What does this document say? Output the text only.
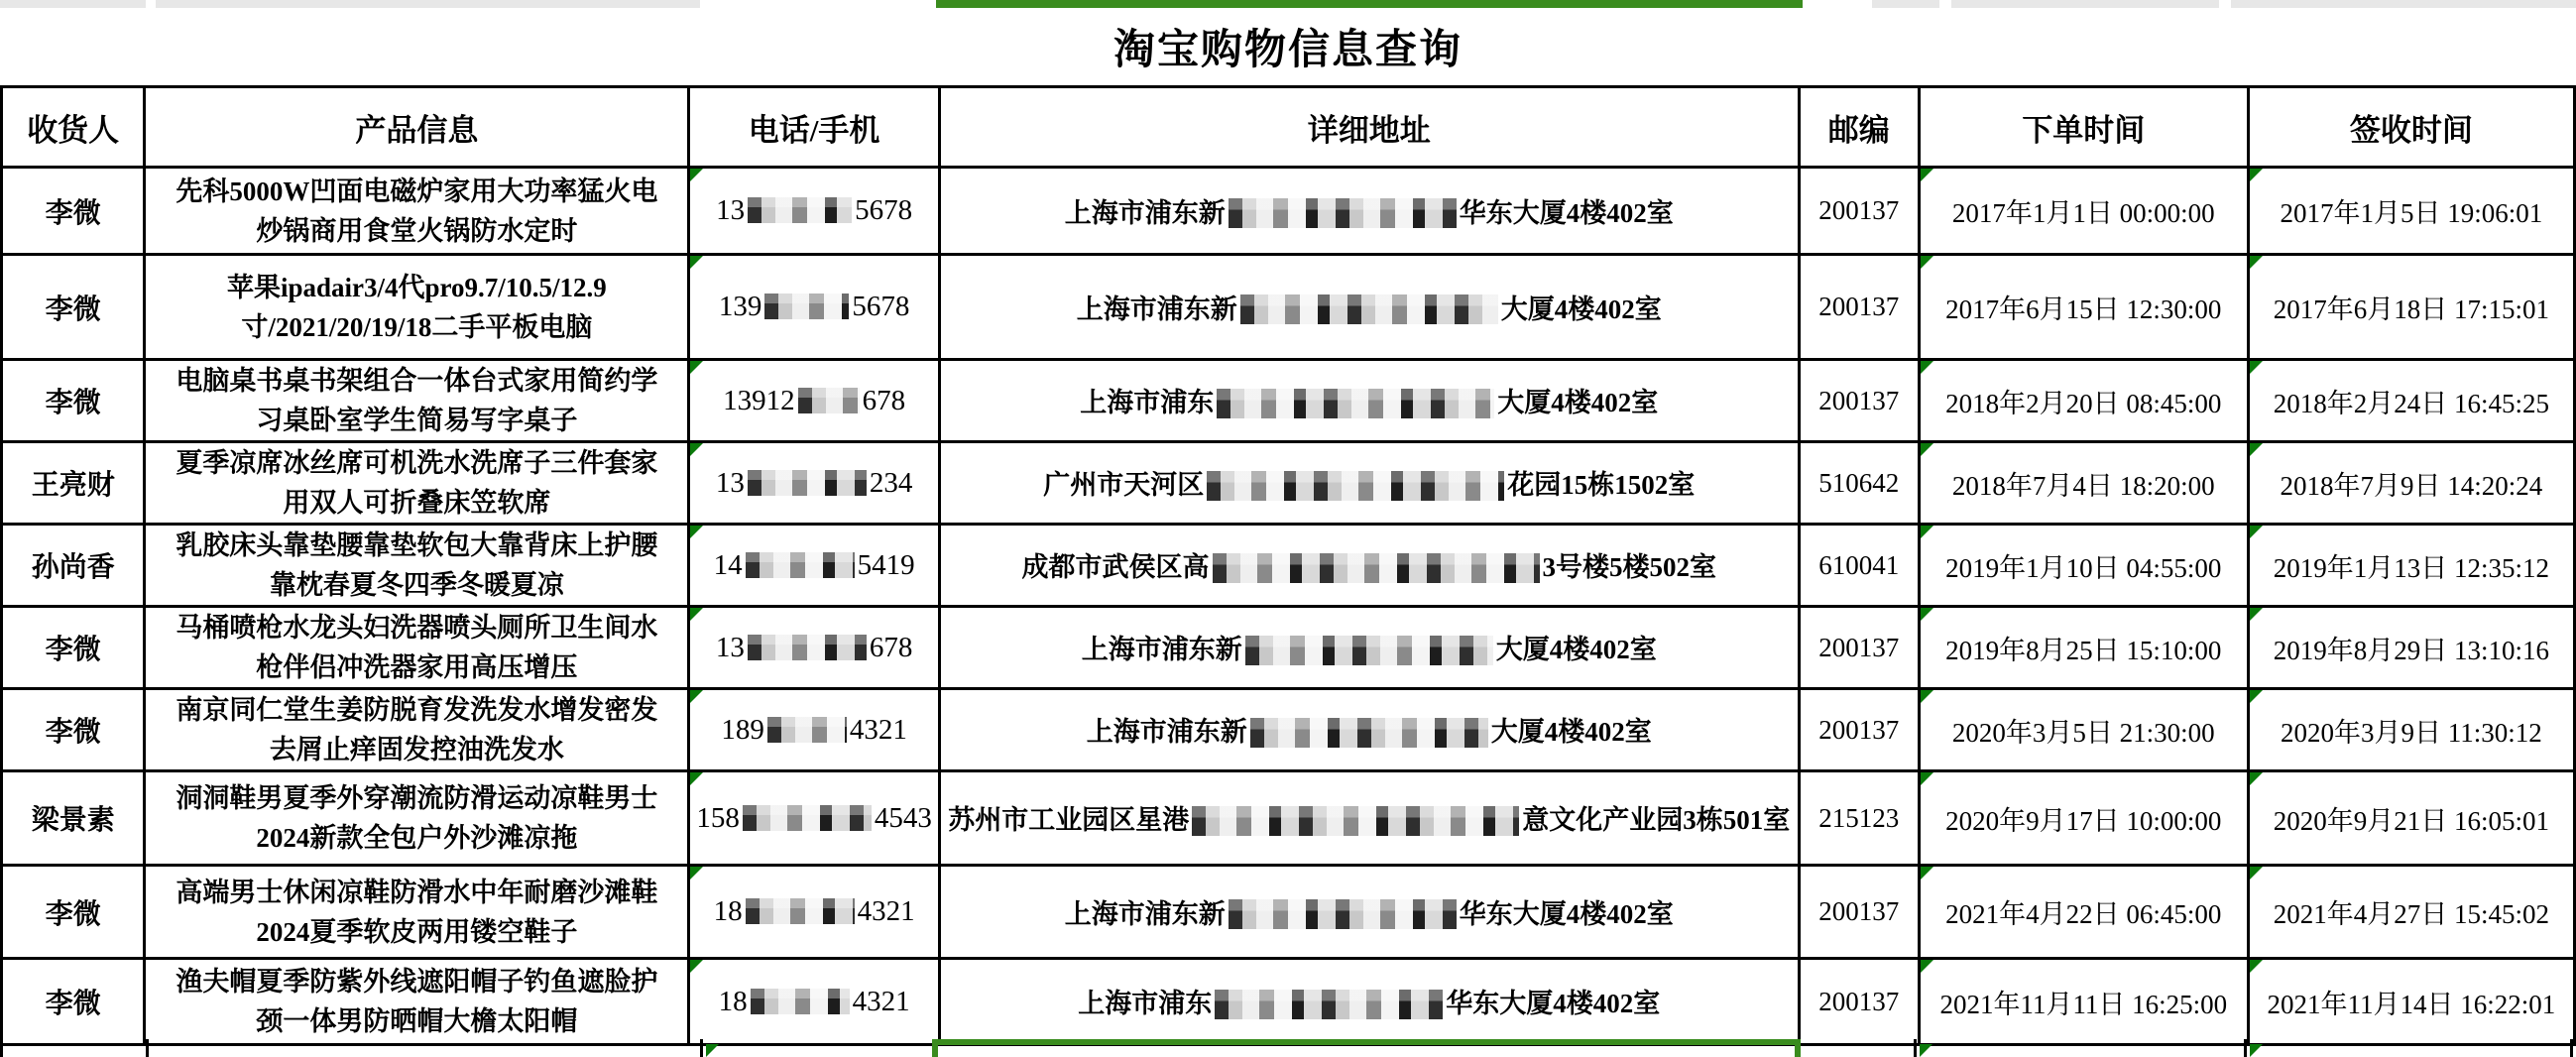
淘宝购物信息查询
收货人	产品信息	电话/手机	详细地址	邮编	下单时间	签收时间
李微	先科5000W凹面电磁炉家用大功率猛火电炒锅商用食堂火锅防水定时	13 5678	上海市浦东新 华东大厦4楼402室	200137	2017年1月1日 00:00:00	2017年1月5日 19:06:01
李微	苹果ipadair3/4代pro9.7/10.5/12.9寸/2021/20/19/18二手平板电脑	139 5678	上海市浦东新 大厦4楼402室	200137	2017年6月15日 12:30:00	2017年6月18日 17:15:01
李微	电脑桌书桌书架组合一体台式家用简约学习桌卧室学生简易写字桌子	13912 678	上海市浦东 大厦4楼402室	200137	2018年2月20日 08:45:00	2018年2月24日 16:45:25
王亮财	夏季凉席冰丝席可机洗水洗席子三件套家用双人可折叠床笠软席	13 234	广州市天河区 花园15栋1502室	510642	2018年7月4日 18:20:00	2018年7月9日 14:20:24
孙尚香	乳胶床头靠垫腰靠垫软包大靠背床上护腰靠枕春夏冬四季冬暖夏凉	14 5419	成都市武侯区高 3号楼5楼502室	610041	2019年1月10日 04:55:00	2019年1月13日 12:35:12
李微	马桶喷枪水龙头妇洗器喷头厕所卫生间水枪伴侣冲洗器家用高压增压	13 678	上海市浦东新 大厦4楼402室	200137	2019年8月25日 15:10:00	2019年8月29日 13:10:16
李微	南京同仁堂生姜防脱育发洗发水增发密发去屑止痒固发控油洗发水	189 4321	上海市浦东新 大厦4楼402室	200137	2020年3月5日 21:30:00	2020年3月9日 11:30:12
梁景素	洞洞鞋男夏季外穿潮流防滑运动凉鞋男士2024新款全包户外沙滩凉拖	158 4543	苏州市工业园区星港 意文化产业园3栋501室	215123	2020年9月17日 10:00:00	2020年9月21日 16:05:01
李微	高端男士休闲凉鞋防滑水中年耐磨沙滩鞋2024夏季软皮两用镂空鞋子	18 4321	上海市浦东新 华东大厦4楼402室	200137	2021年4月22日 06:45:00	2021年4月27日 15:45:02
李微	渔夫帽夏季防紫外线遮阳帽子钓鱼遮脸护颈一体男防晒帽大檐太阳帽	18 4321	上海市浦东 华东大厦4楼402室	200137	2021年11月11日 16:25:00	2021年11月14日 16:22:01
